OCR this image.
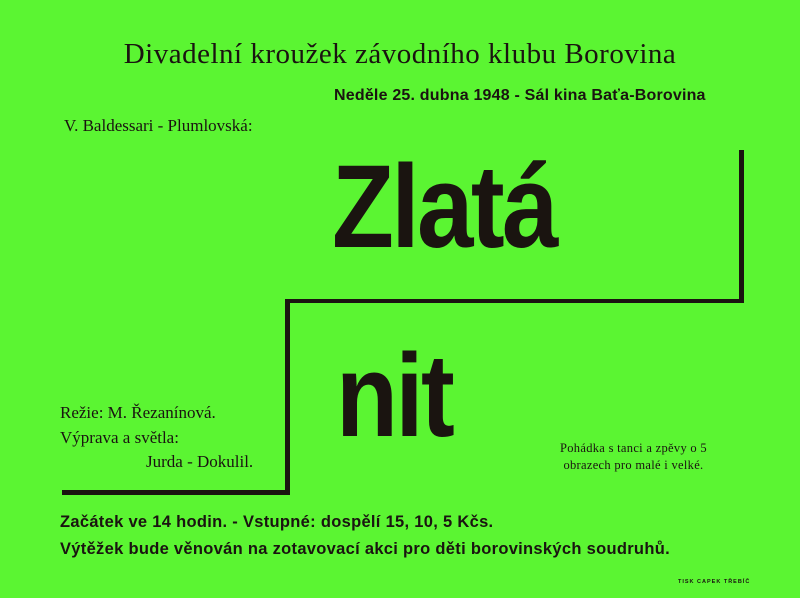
Divadelní kroužek závodního klubu Borovina
Neděle 25. dubna 1948 - Sál kina Baťa-Borovina
V. Baldessari - Plumlovská:
Zlatá
nit
Režie: M. Řezanínová.
Výprava a světla:
Jurda - Dokulil.
Pohádka s tanci a zpěvy o 5
obrazech pro malé i velké.
Začátek ve 14 hodin. - Vstupné: dospělí 15, 10, 5 Kčs.
Výtěžek bude věnován na zotavovací akci pro děti borovinských soudruhů.
TISK CAPEK TŘEBÍČ
